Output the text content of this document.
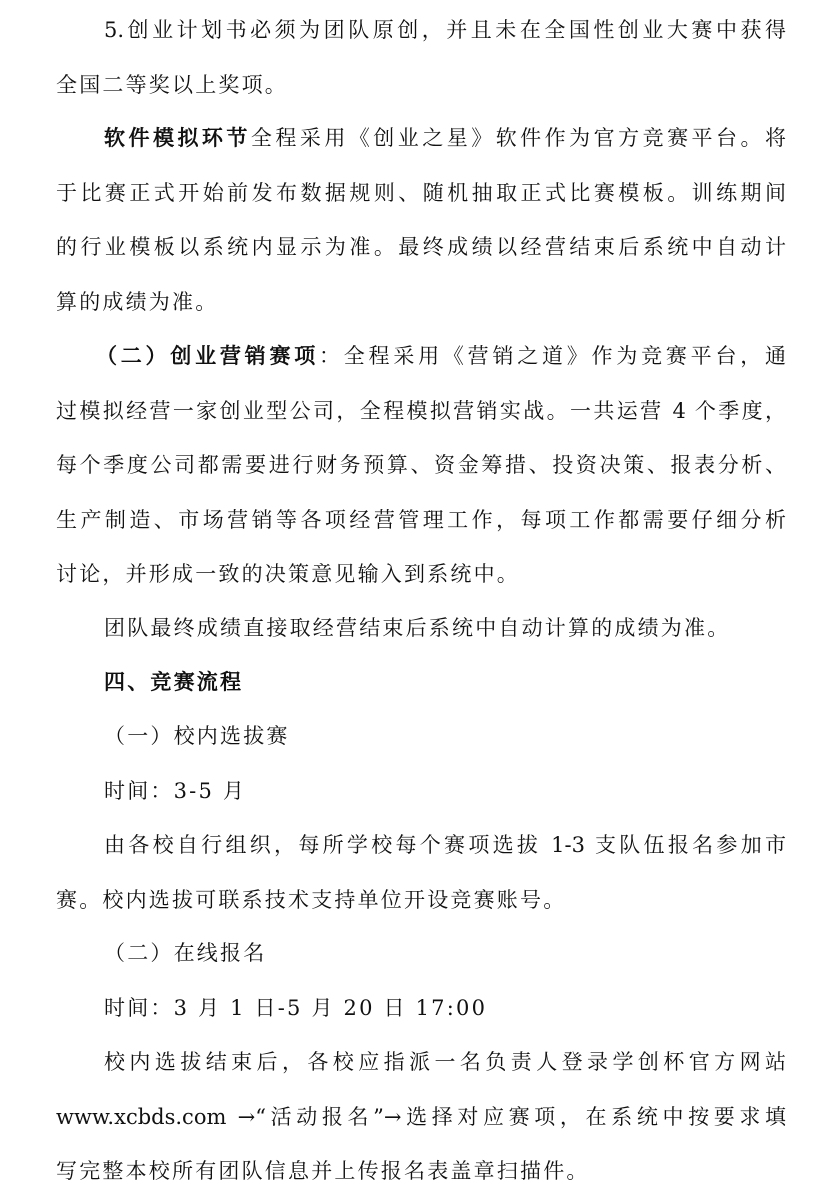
5.创业计划书必须为团队原创，并且未在全国性创业大赛中获得
全国二等奖以上奖项。
软件模拟环节全程采用《创业之星》软件作为官方竞赛平台。将
于比赛正式开始前发布数据规则、随机抽取正式比赛模板。训练期间
的行业模板以系统内显示为准。最终成绩以经营结束后系统中自动计
算的成绩为准。
（二）创业营销赛项：全程采用《营销之道》作为竞赛平台，通
过模拟经营一家创业型公司，全程模拟营销实战。一共运营 4 个季度，
每个季度公司都需要进行财务预算、资金筹措、投资决策、报表分析、
生产制造、市场营销等各项经营管理工作，每项工作都需要仔细分析
讨论，并形成一致的决策意见输入到系统中。
团队最终成绩直接取经营结束后系统中自动计算的成绩为准。
四、竞赛流程
（一）校内选拔赛
时间：3-5 月
由各校自行组织，每所学校每个赛项选拔 1-3 支队伍报名参加市
赛。校内选拔可联系技术支持单位开设竞赛账号。
（二）在线报名
时间：3 月 1 日-5 月 20 日 17:00
校内选拔结束后，各校应指派一名负责人登录学创杯官方网站
www.xcbds.com →“活动报名”→选择对应赛项，在系统中按要求填
写完整本校所有团队信息并上传报名表盖章扫描件。
